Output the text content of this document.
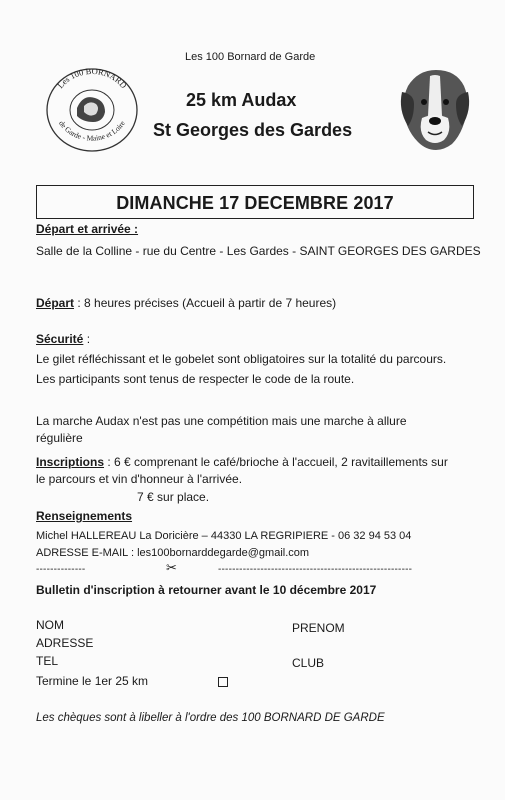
Les 100 Bornard de Garde
Les 100 BORNARD
de Garde - Maine et Loire
25 km Audax
St Georges des Gardes
DIMANCHE 17 DECEMBRE 2017
Départ et arrivée :
Salle de la Colline - rue du Centre - Les Gardes - SAINT GEORGES DES GARDES
Départ : 8 heures précises (Accueil à partir de 7 heures)
Sécurité :
Le gilet réfléchissant et le gobelet sont obligatoires sur la totalité du parcours.
Les participants sont tenus de respecter le code de la route.
La marche Audax n'est pas une compétition mais une marche à allure
régulière
Inscriptions : 6 € comprenant le café/brioche à l'accueil, 2 ravitaillements sur
le parcours et vin d'honneur à l'arrivée.
7 € sur place.
Renseignements
Michel HALLEREAU La Doricière – 44330 LA REGRIPIERE - 06 32 94 53 04
ADRESSE E-MAIL : les100bornarddegarde@gmail.com
--------------	✂	-------------------------------------------------------
Bulletin d'inscription à retourner avant le 10 décembre 2017
NOM	PRENOM
ADRESSE
TEL	CLUB
Termine le 1er 25 km
Les chèques sont à libeller à l'ordre des 100 BORNARD DE GARDE
